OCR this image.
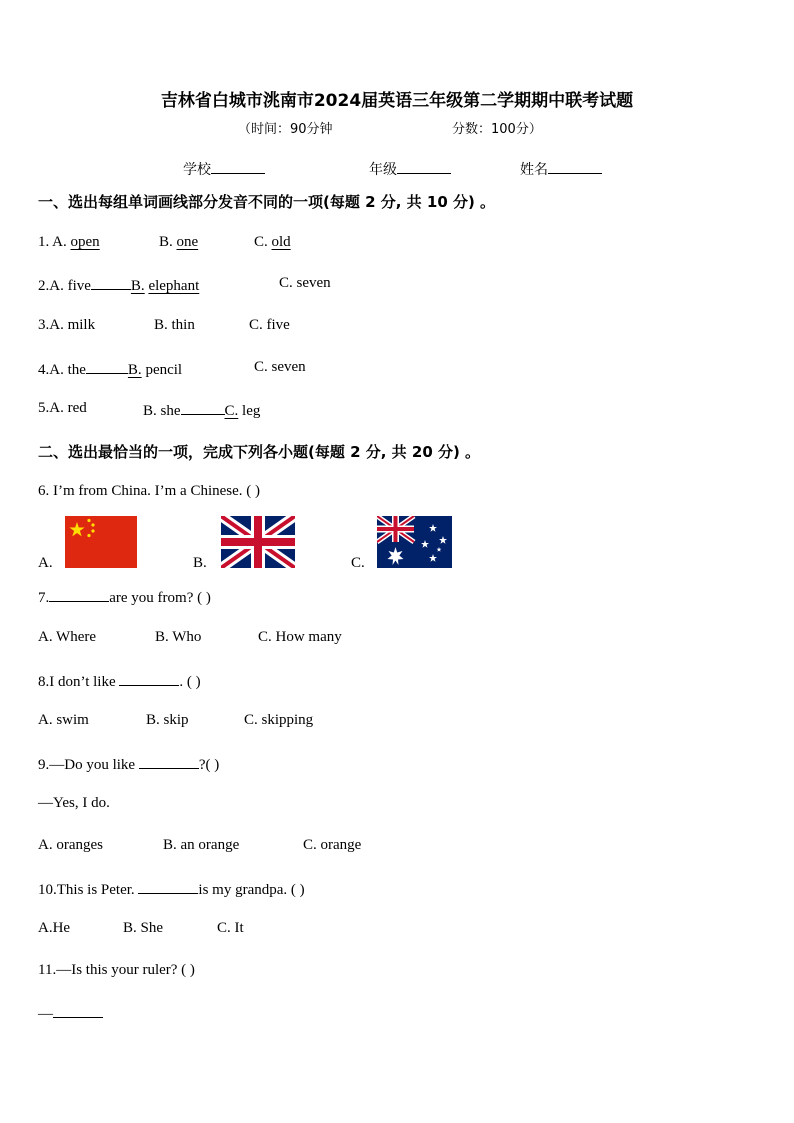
吉林省白城市洮南市2024届英语三年级第二学期期中联考试题
（时间：90分钟	分数：100分）
学校	年级	姓名
一、选出每组单词画线部分发音不同的一项(每题 2 分, 共 10 分) 。
1. A. open	B. one	C. old
2.A. five	B. elephant	C. seven
3.A. milk	B. thin	C. five
4.A. the	B. pencil	C. seven
5.A. red	B. she	C. leg
二、选出最恰当的一项，完成下列各小题(每题 2 分, 共 20 分) 。
6. I’m from China. I’m a Chinese. ( )
A.	B.	C.
7.	are you from? ( )
A. Where	B. Who	C. How many
8.I don’t like	. ( )
A. swim	B. skip	C. skipping
9.—Do you like	?( )
—Yes, I do.
A. oranges	B. an orange	C. orange
10.This is Peter.	is my grandpa. ( )
A.He	B. She	C. It
11.—Is this your ruler? ( )
—
